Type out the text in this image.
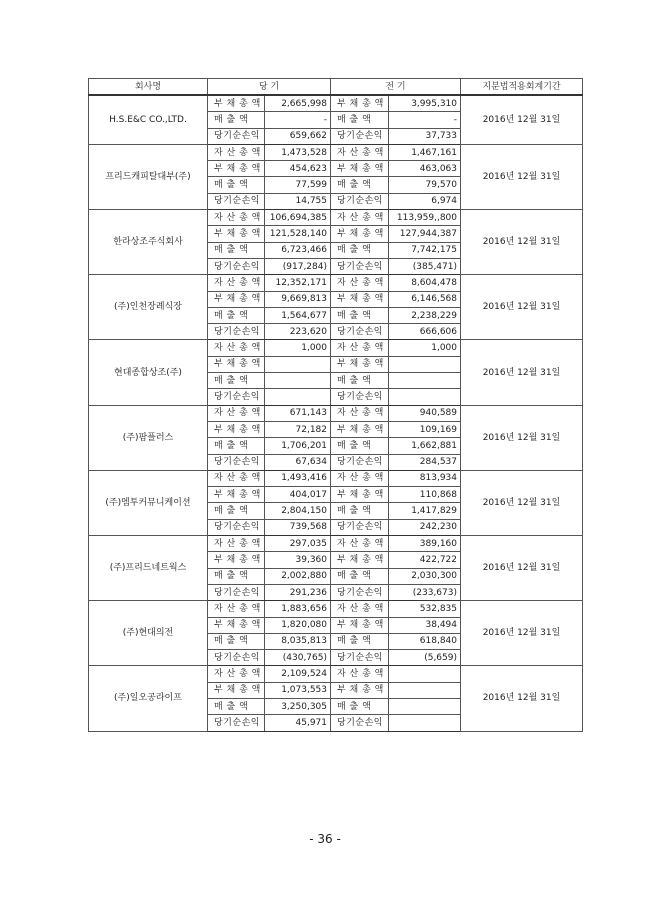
회사명	당 기		전 기		지분법적용회계기간
H.S.E&C CO.,LTD.	부 채 총 액	2,665,998	부 채 총 액	3,995,310	2016년 12월 31일
	매 출 액	-	매 출 액	-	
	당기순손익	659,662	당기순손익	37,733	
프리드캐피탈대부(주)	자 산 총 액	1,473,528	자 산 총 액	1,467,161	2016년 12월 31일
	부 채 총 액	454,623	부 채 총 액	463,063	
	매 출 액	77,599	매 출 액	79,570	
	당기순손익	14,755	당기순손익	6,974	
한라상조주식회사	자 산 총 액	106,694,385	자 산 총 액	113,959,,800	2016년 12월 31일
	부 채 총 액	121,528,140	부 채 총 액	127,944,387	
	매 출 액	6,723,466	매 출 액	7,742,175	
	당기순손익	(917,284)	당기순손익	(385,471)	
(주)인천장례식장	자 산 총 액	12,352,171	자 산 총 액	8,604,478	2016년 12월 31일
	부 채 총 액	9,669,813	부 채 총 액	6,146,568	
	매 출 액	1,564,677	매 출 액	2,238,229	
	당기순손익	223,620	당기순손익	666,606	
현대종합상조(주)	자 산 총 액	1,000	자 산 총 액	1,000	2016년 12월 31일
	부 채 총 액		부 채 총 액		
	매 출 액		매 출 액		
	당기순손익		당기순손익		
(주)팜플러스	자 산 총 액	671,143	자 산 총 액	940,589	2016년 12월 31일
	부 채 총 액	72,182	부 채 총 액	109,169	
	매 출 액	1,706,201	매 출 액	1,662,881	
	당기순손익	67,634	당기순손익	284,537	
(주)엠투커뮤니케이션	자 산 총 액	1,493,416	자 산 총 액	813,934	2016년 12월 31일
	부 채 총 액	404,017	부 채 총 액	110,868	
	매 출 액	2,804,150	매 출 액	1,417,829	
	당기순손익	739,568	당기순손익	242,230	
(주)프리드네트웍스	자 산 총 액	297,035	자 산 총 액	389,160	2016년 12월 31일
	부 채 총 액	39,360	부 채 총 액	422,722	
	매 출 액	2,002,880	매 출 액	2,030,300	
	당기순손익	291,236	당기순손익	(233,673)	
(주)현대의전	자 산 총 액	1,883,656	자 산 총 액	532,835	2016년 12월 31일
	부 채 총 액	1,820,080	부 채 총 액	38,494	
	매 출 액	8,035,813	매 출 액	618,840	
	당기순손익	(430,765)	당기순손익	(5,659)	
(주)일오공라이프	자 산 총 액	2,109,524	자 산 총 액		2016년 12월 31일
	부 채 총 액	1,073,553	부 채 총 액		
	매 출 액	3,250,305	매 출 액		
	당기순손익	45,971	당기순손익		
- 36 -
